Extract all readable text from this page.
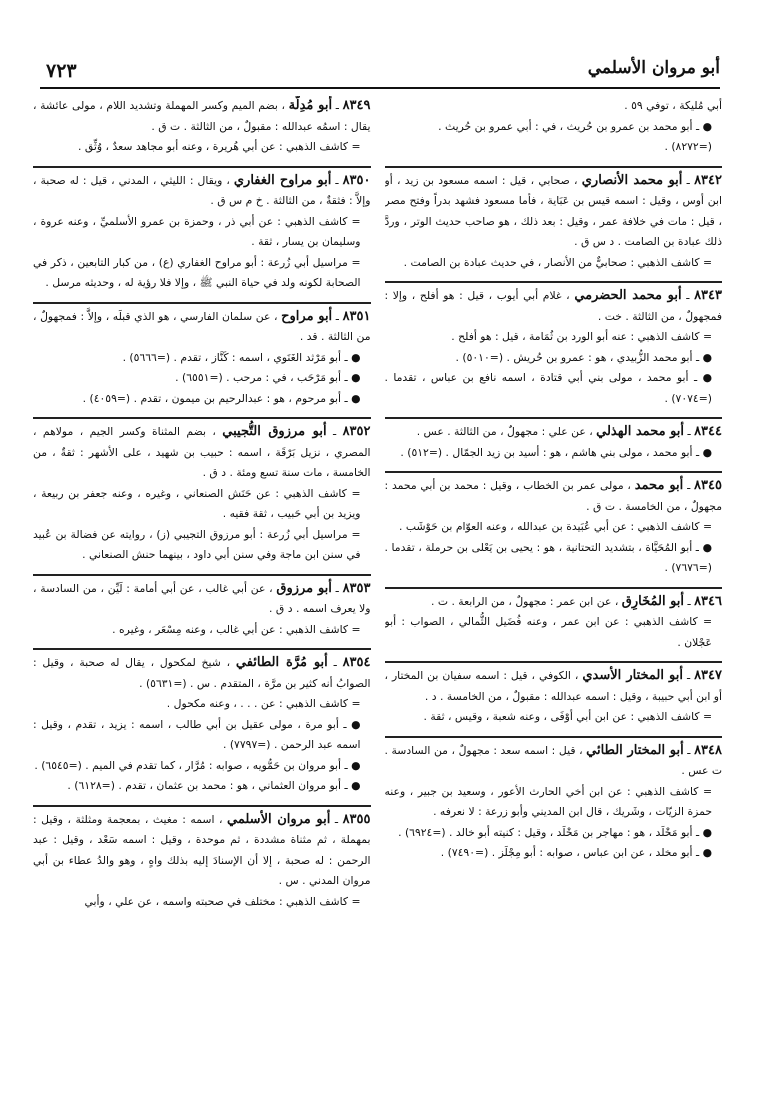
٧٢٣	أبو مروان الأسلمي

أبي مُليكة ، توفي ٥٩ .

● ـ أبو محمد بن عمرو بن حُريث ، في : أبي عمرو بن حُريث .

(=٨٢٧٢) .

٨٣٤٢ ـ أبو محمد الأنصاري ، صحابي ، قيل : اسمه مسعود بن زيد ، أو ابن أوس ، وقيل : اسمه قيس بن عَبَاية ، فأما مسعود فشهد بدراً وفتح مصر ، قيل : مات في خلافة عمر ، وقيل : بعد ذلك ، هو صاحب حديث الوتر ، وردَّ ذلك عبادة بن الصامت . د س ق .

= كاشف الذهبي : صحابيٌّ من الأنصار ، في حديث عبادة بن الصامت .

٨٣٤٣ ـ أبو محمد الحضرمي ، غلام أبي أيوب ، قيل : هو أفلح ، وإلا : فمجهولٌ ، من الثالثة . خت .

= كاشف الذهبي : عنه أبو الورد بن ثُمَامة ، قيل : هو أفلح .

● ـ أبو محمد الزُّبيدي ، هو : عمرو بن حُريش . (=٥٠١٠) .

● ـ أبو محمد ، مولى بني أبي قتادة ، اسمه نافع بن عباس ، تقدما . (=٧٠٧٤) .

٨٣٤٤ ـ أبو محمد الهذلي ، عن علي : مجهولٌ ، من الثالثة . عس .

● ـ أبو محمد ، مولى بني هاشم ، هو : أسيد بن زيد الجمّال . (=٥١٢) .

٨٣٤٥ ـ أبو محمد ، مولى عمر بن الخطاب ، وقيل : محمد بن أبي محمد : مجهولٌ ، من الخامسة . ت ق .

= كاشف الذهبي : عن أبي عُبَيدة بن عبدالله ، وعنه العوّام بن حَوْشَب .

● ـ أبو المُحَيَّاة ، بتشديد التحتانية ، هو : يحيى بن يَعْلى بن حرملة ، تقدما . (=٧٦٧٦) .

٨٣٤٦ ـ أبو المُخَارِق ، عن ابن عمر : مجهولٌ ، من الرابعة . ت .

= كاشف الذهبي : عن ابن عمر ، وعنه فُضَيل الثُّمالي ، الصواب : أبو عَجْلان .

٨٣٤٧ ـ أبو المختار الأسدي ، الكوفي ، قيل : اسمه سفيان بن المختار ، أو ابن أبي حبيبة ، وقيل : اسمه عبدالله : مقبولٌ ، من الخامسة . د .

= كاشف الذهبي : عن ابن أبي أوْفَى ، وعنه شعبة ، وقيس ، ثقة .

٨٣٤٨ ـ أبو المختار الطائي ، قيل : اسمه سعد : مجهولٌ ، من السادسة . ت عس .

= كاشف الذهبي : عن ابن أخي الحارث الأعور ، وسعيد بن جبير ، وعنه حمزة الزيّات ، وشَريك ، قال ابن المديني وأبو زرعة : لا نعرفه .

● ـ أبو مَخْلَد ، هو : مهاجر بن مَخْلَد ، وقيل : كنيته أبو خالد . (=٦٩٢٤) .

● ـ أبو مخلد ، عن ابن عباس ، صوابه : أبو مِجْلَز . (=٧٤٩٠) .

٨٣٤٩ ـ أبو مُدِلَّة ، بضم الميم وكسر المهملة وتشديد اللام ، مولى عائشة ، يقال : اسمُه عبدالله : مقبولٌ ، من الثالثة . ت ق .

= كاشف الذهبي : عن أبي هُريرة ، وعنه أبو مجاهد سعدٌ ، وُثِّق .

٨٣٥٠ ـ أبو مراوح الغفاري ، ويقال : الليثي ، المدني ، قيل : له صحبة ، وإلاَّ : فثقةٌ ، من الثالثة . خ م س ق .

= كاشف الذهبي : عن أبي ذر ، وحمزة بن عمرو الأسلميِّ ، وعنه عروة ، وسليمان بن يسار ، ثقة .

= مراسيل أبي زُرعة : أبو مراوح الغفاري (ع) ، من كبار التابعين ، ذكر في الصحابة لكونه ولد في حياة النبي ﷺ ، وإلا فلا رؤية له ، وحديثه مرسل .

٨٣٥١ ـ أبو مراوح ، عن سلمان الفارسي ، هو الذي قبلَه ، وإلاَّ : فمجهولٌ ، من الثالثة . قد .

● ـ أبو مَرْثد الغَنَوي ، اسمه : كَنَّاز ، تقدم . (=٥٦٦٦) .

● ـ أبو مَرْحَب ، في : مرحب . (=٦٥٥١) .

● ـ أبو مرحوم ، هو : عبدالرحيم بن ميمون ، تقدم . (=٤٠٥٩) .

٨٣٥٢ ـ أبو مرزوق التُّجيبي ، بضم المثناة وكسر الجيم ، مولاهم ، المصري ، نزيل بَرْقَة ، اسمه : حبيب بن شهيد ، على الأشهر : ثقةٌ ، من الخامسة ، مات سنة تسع ومئة . د ق .

= كاشف الذهبي : عن حَنَش الصنعاني ، وغيره ، وعنه جعفر بن ربيعة ، ويزيد بن أبي حَبيب ، ثقة فقيه .

= مراسيل أبي زُرعة : أبو مرزوق التجيبي (ز) ، روايته عن فضالة بن عُبيد في سنن ابن ماجة وفي سنن أبي داود ، بينهما حنش الصنعاني .

٨٣٥٣ ـ أبو مرزوق ، عن أبي غالب ، عن أبي أمامة : لَيِّن ، من السادسة ، ولا يعرف اسمه . د ق .

= كاشف الذهبي : عن أبي غالب ، وعنه مِسْعَر ، وغيره .

٨٣٥٤ ـ أبو مُرَّة الطائفي ، شيخ لمكحول ، يقال له صحبة ، وقيل : الصوابُ أنه كثير بن مرَّة ، المتقدم . س . (=٥٦٣١) .

= كاشف الذهبي : عن . . . ، وعنه مكحول .

● ـ أبو مرة ، مولى عقيل بن أبي طالب ، اسمه : يزيد ، تقدم ، وقيل : اسمه عبد الرحمن . (=٧٧٩٧) .

● ـ أبو مروان بن حَمُّويه ، صوابه : مُرَّار ، كما تقدم في الميم . (=٦٥٤٥) .

● ـ أبو مروان العثماني ، هو : محمد بن عثمان ، تقدم . (=٦١٢٨) .

٨٣٥٥ ـ أبو مروان الأسلمي ، اسمه : مغيث ، بمعجمة ومثلثة ، وقيل : بمهملة ، ثم مثناة مشددة ، ثم موحدة ، وقيل : اسمه سَعْد ، وقيل : عبد الرحمن : له صحبة ، إلا أن الإسنادَ إليه بذلك واهٍ ، وهو والدُ عطاء بن أبي مروان المدني . س .

= كاشف الذهبي : مختلف في صحبته واسمه ، عن علي ، وأبي
